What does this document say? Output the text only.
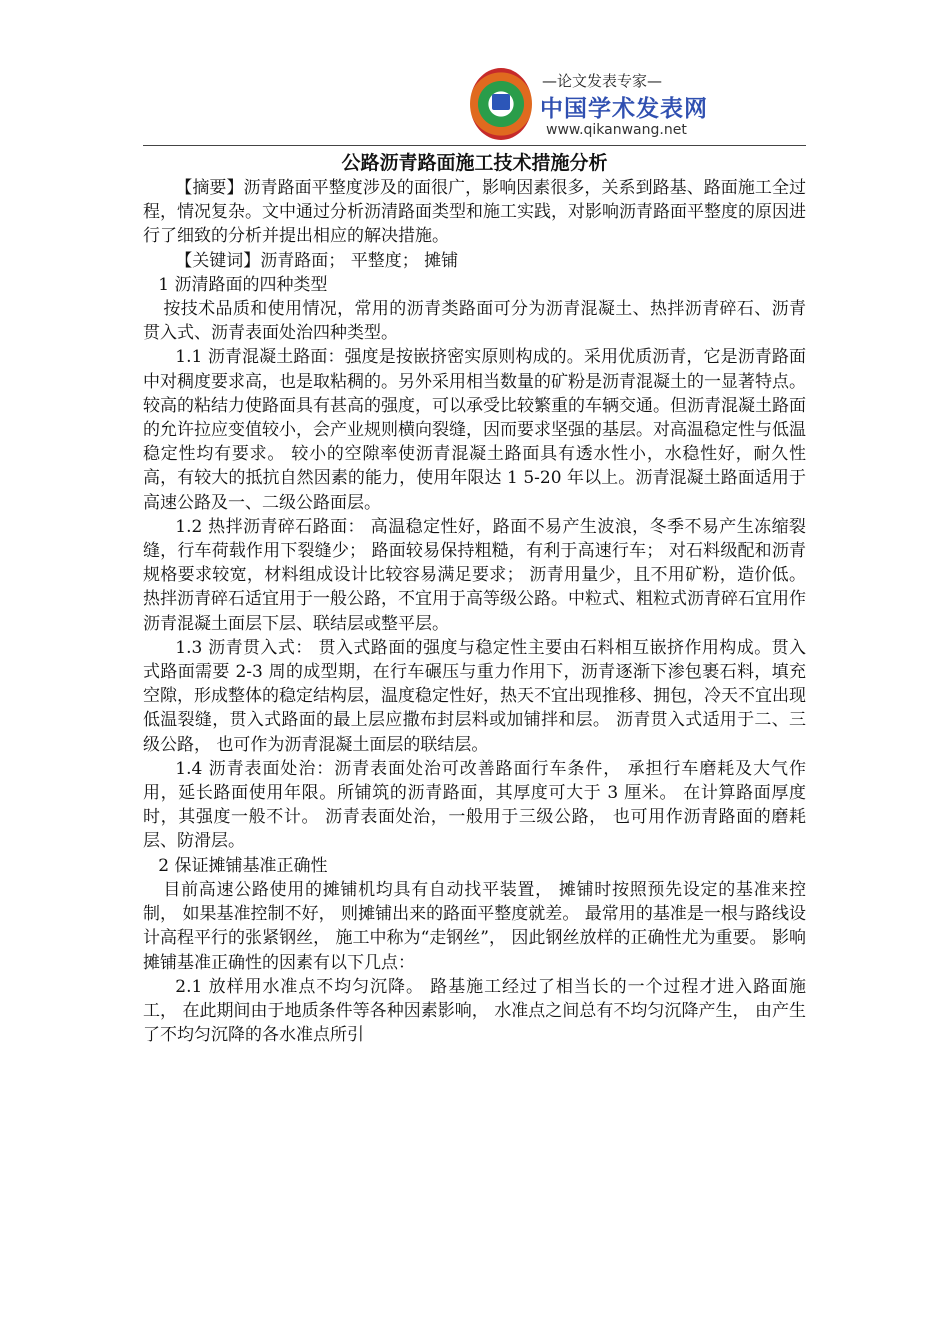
—论文发表专家—
中国学术发表网
www.qikanwang.net
公路沥青路面施工技术措施分析

【摘要】沥青路面平整度涉及的面很广，影响因素很多，关系到路基、路面施工全过程，情况复杂。文中通过分析沥清路面类型和施工实践，对影响沥青路面平整度的原因进行了细致的分析并提出相应的解决措施。

【关键词】沥青路面； 平整度； 摊铺

1 沥清路面的四种类型

按技术品质和使用情况，常用的沥青类路面可分为沥青混凝土、热拌沥青碎石、沥青贯入式、沥青表面处治四种类型。

1.1 沥青混凝土路面：强度是按嵌挤密实原则构成的。采用优质沥青，它是沥青路面中对稠度要求高，也是取粘稠的。另外采用相当数量的矿粉是沥青混凝土的一显著特点。 较高的粘结力使路面具有甚高的强度，可以承受比较繁重的车辆交通。但沥青混凝土路面的允许拉应变值较小，会产业规则横向裂缝，因而要求坚强的基层。对高温稳定性与低温稳定性均有要求。 较小的空隙率使沥青混凝土路面具有透水性小，水稳性好，耐久性高，有较大的抵抗自然因素的能力，使用年限达 1 5-20 年以上。沥青混凝土路面适用于高速公路及一、二级公路面层。

1.2 热拌沥青碎石路面： 高温稳定性好，路面不易产生波浪，冬季不易产生冻缩裂缝，行车荷载作用下裂缝少； 路面较易保持粗糙，有利于高速行车； 对石料级配和沥青规格要求较宽，材料组成设计比较容易满足要求； 沥青用量少，且不用矿粉，造价低。 热拌沥青碎石适宜用于一般公路，不宜用于高等级公路。中粒式、粗粒式沥青碎石宜用作沥青混凝土面层下层、联结层或整平层。

1.3 沥青贯入式： 贯入式路面的强度与稳定性主要由石料相互嵌挤作用构成。贯入式路面需要 2-3 周的成型期，在行车碾压与重力作用下，沥青逐渐下渗包裹石料，填充空隙，形成整体的稳定结构层，温度稳定性好，热天不宜出现推移、拥包，冷天不宜出现低温裂缝，贯入式路面的最上层应撒布封层料或加铺拌和层。 沥青贯入式适用于二、三级公路， 也可作为沥青混凝土面层的联结层。

1.4 沥青表面处治：沥青表面处治可改善路面行车条件， 承担行车磨耗及大气作用，延长路面使用年限。所铺筑的沥青路面，其厚度可大于 3 厘米。 在计算路面厚度时，其强度一般不计。 沥青表面处治，一般用于三级公路， 也可用作沥青路面的磨耗层、防滑层。

2 保证摊铺基准正确性

目前高速公路使用的摊铺机均具有自动找平装置， 摊铺时按照预先设定的基准来控制， 如果基准控制不好， 则摊铺出来的路面平整度就差。 最常用的基准是一根与路线设计高程平行的张紧钢丝， 施工中称为“走钢丝”， 因此钢丝放样的正确性尤为重要。 影响摊铺基准正确性的因素有以下几点：

2.1 放样用水准点不均匀沉降。 路基施工经过了相当长的一个过程才进入路面施工， 在此期间由于地质条件等各种因素影响， 水准点之间总有不均匀沉降产生， 由产生了不均匀沉降的各水准点所引
